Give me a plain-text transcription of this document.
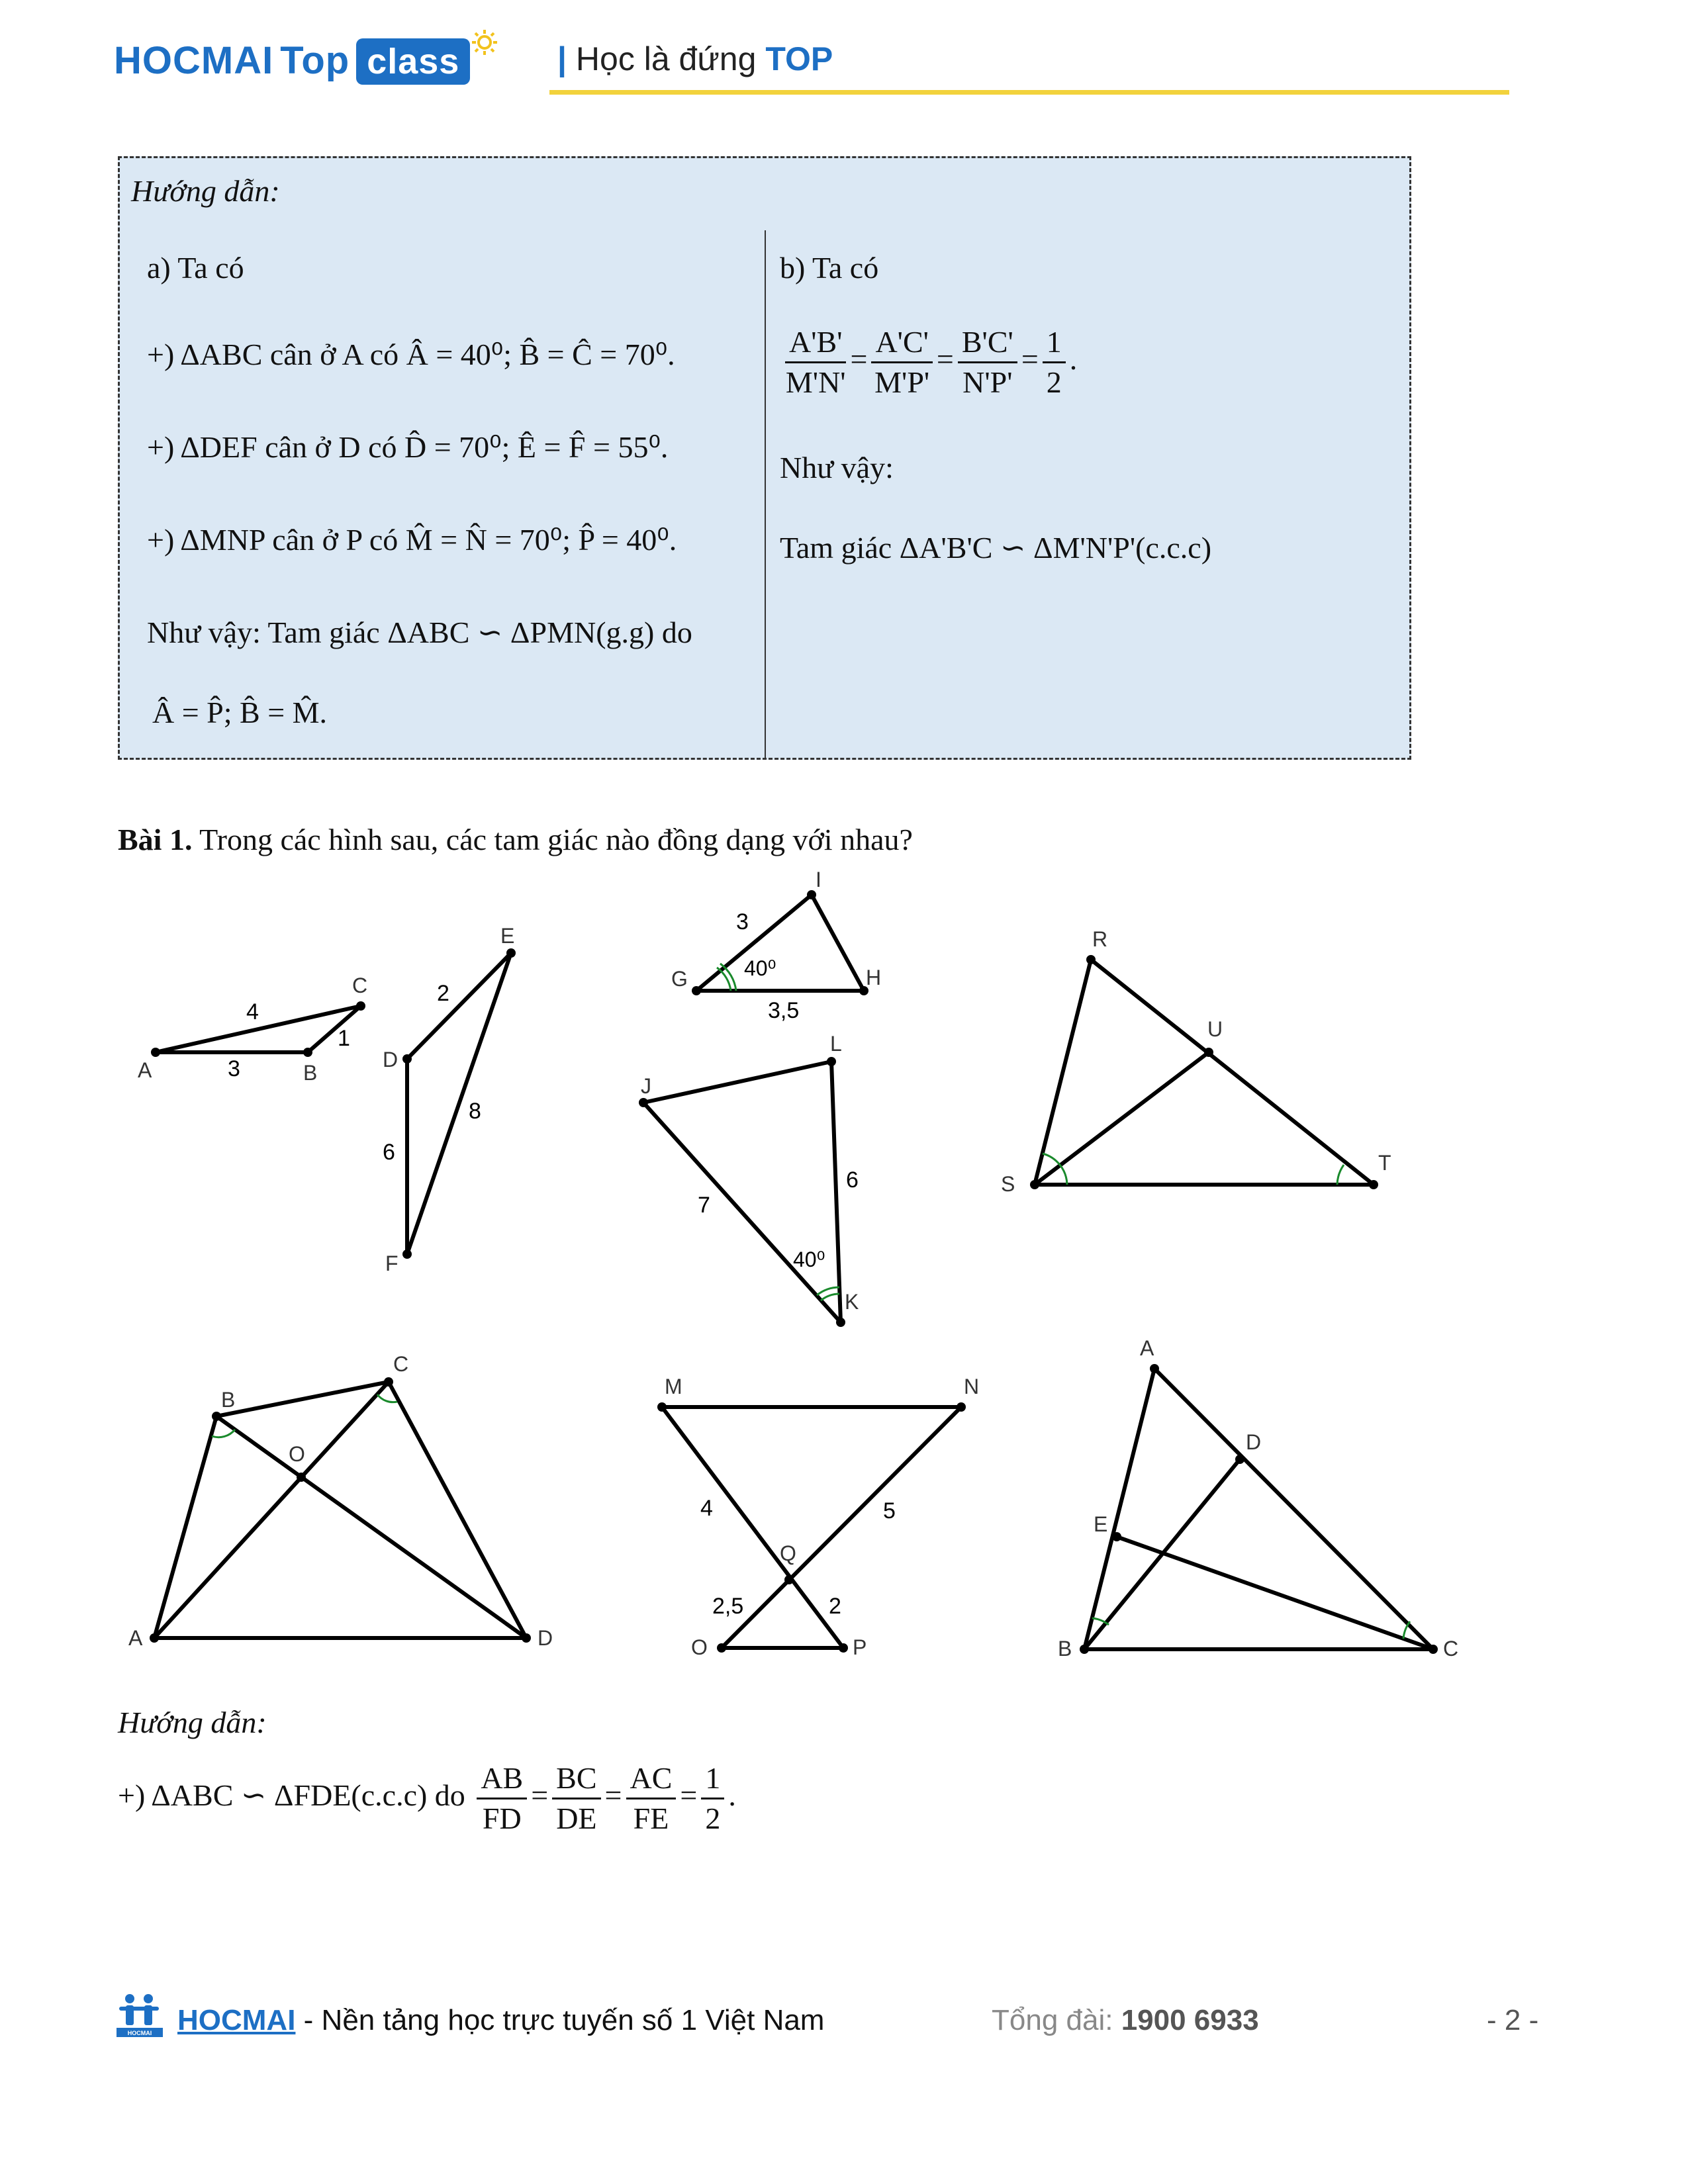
HOCMAI Top class	| Học là đứng TOP
Hướng dẫn:
a) Ta có
+) ΔABC cân ở A có Â = 40⁰; B̂ = Ĉ = 70⁰.
+) ΔDEF cân ở D có D̂ = 70⁰; Ê = F̂ = 55⁰.
+) ΔMNP cân ở P có M̂ = N̂ = 70⁰; P̂ = 40⁰.
Như vậy: Tam giác ΔABC ∽ ΔPMN(g.g) do
Â = P̂; B̂ = M̂.
b) Ta có
$\frac{A'B'}{M'N'} = \frac{A'C'}{M'P'} = \frac{B'C'}{N'P'} = \frac{1}{2}$ .
Như vậy:
Tam giác ΔA'B'C ∽ ΔM'N'P'(c.c.c)
Bài 1. Trong các hình sau, các tam giác nào đồng dạng với nhau?
A	B
C
3
1
4
D
E
F
2
6
8
G	H
I
3
3,5
40⁰
J
L
K
7
6
40⁰
R
S
T
U
A
B
C
D
O
M	N
O	P
Q
4	5
2,5	2
A
B	C
D
E
Hướng dẫn:
+) ΔABC ∽ ΔFDE(c.c.c) do $\frac{AB}{FD} = \frac{BC}{DE} = \frac{AC}{FE} = \frac{1}{2}$ .
HOCMAI HOCMAI - Nền tảng học trực tuyến số 1 Việt Nam	Tổng đài: 1900 6933	- 2 -
